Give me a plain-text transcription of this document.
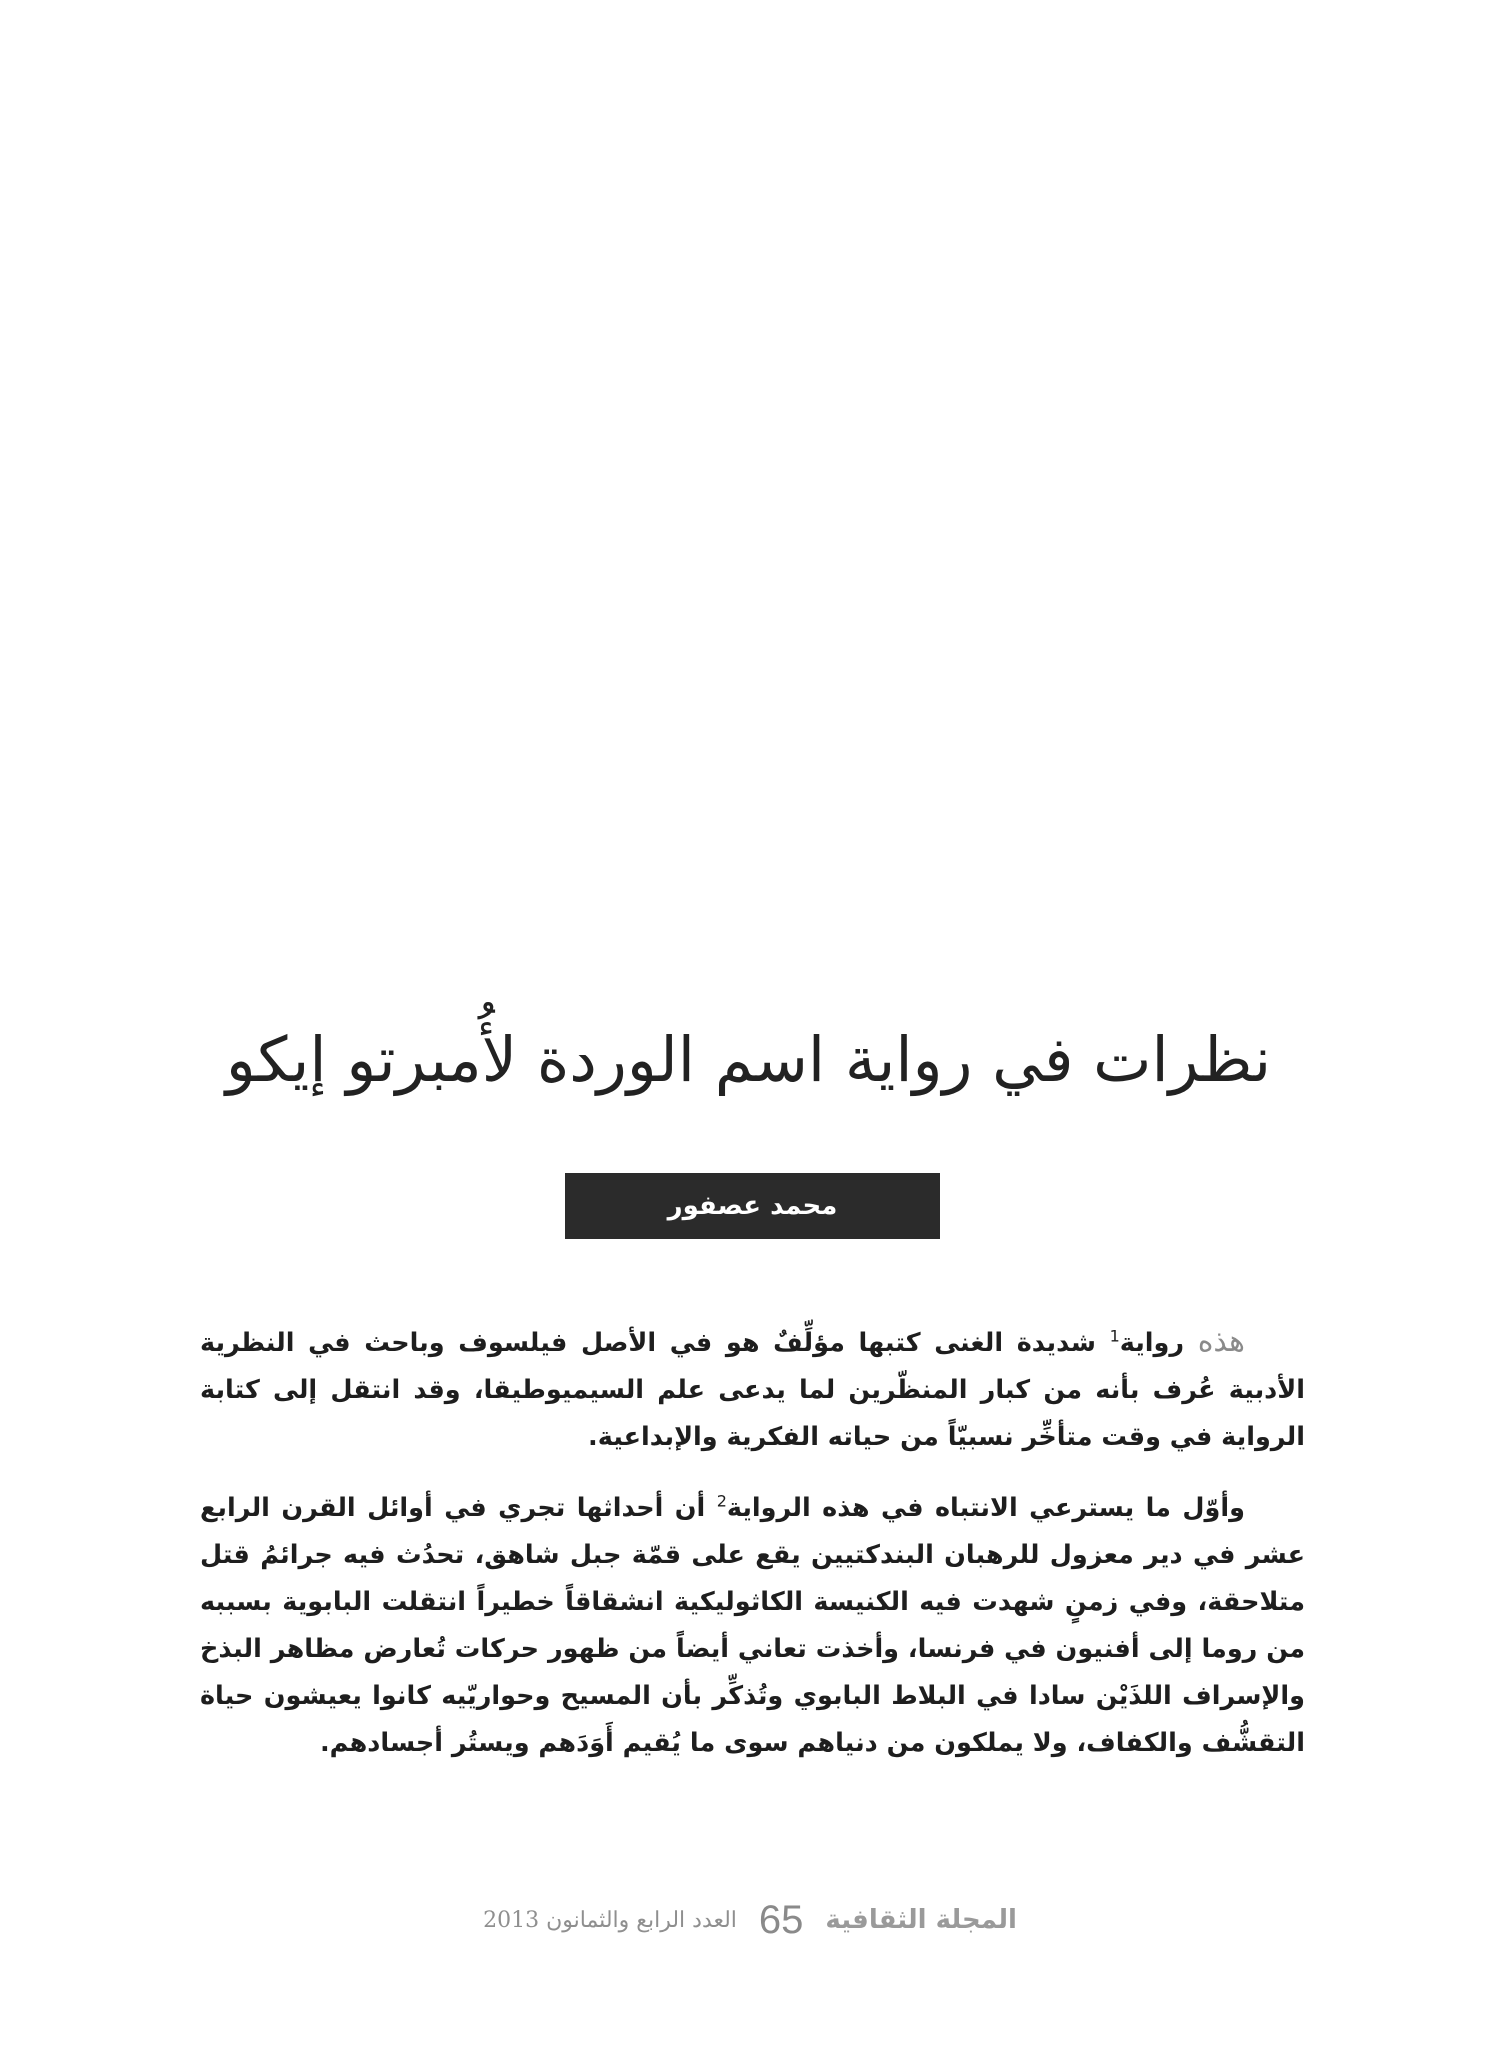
نظرات في رواية اسم الوردة لأُمبرتو إيكو
محمد عصفور

هذه رواية$^1$ شديدة الغنى كتبها مؤلِّفٌ هو في الأصل فيلسوف وباحث في النظرية الأدبية عُرف بأنه من كبار المنظّرين لما يدعى علم السيميوطيقا، وقد انتقل إلى كتابة الرواية في وقت متأخِّر نسبيّاً من حياته الفكرية والإبداعية.

وأوّل ما يسترعي الانتباه في هذه الرواية$^2$ أن أحداثها تجري في أوائل القرن الرابع عشر في دير معزول للرهبان البندكتيين يقع على قمّة جبل شاهق، تحدُث فيه جرائمُ قتل متلاحقة، وفي زمنٍ شهدت فيه الكنيسة الكاثوليكية انشقاقاً خطيراً انتقلت البابوية بسببه من روما إلى أفنيون في فرنسا، وأخذت تعاني أيضاً من ظهور حركات تُعارض مظاهر البذخ والإسراف اللذَيْن سادا في البلاط البابوي وتُذكِّر بأن المسيح وحواريّيه كانوا يعيشون حياة التقشُّف والكفاف، ولا يملكون من دنياهم سوى ما يُقيم أَوَدَهم ويستُر أجسادهم.

المجلة الثقافية
65
العدد الرابع والثمانون 2013
